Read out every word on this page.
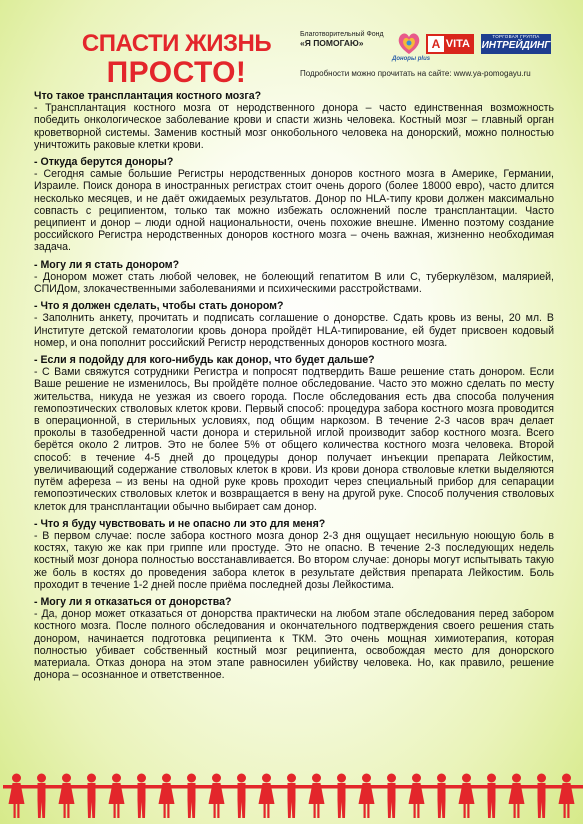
СПАСТИ ЖИЗНЬ
ПРОСТО!
Благотворительный Фонд
«Я ПОМОГАЮ»
Доноры plus
А VITA
ТОРГОВАЯ ГРУППА
ИНТРЕЙДИНГ
Подробности можно прочитать на сайте: www.ya-pomogayu.ru

Что такое трансплантация костного мозга?

- Трансплантация костного мозга от неродственного донора – часто единственная возможность победить онкологическое заболевание крови и спасти жизнь человека. Костный мозг – главный орган кроветворной системы. Заменив костный мозг онкобольного человека на донорский, можно полностью уничтожить раковые клетки крови.

- Откуда берутся доноры?

- Сегодня самые большие Регистры неродственных доноров костного мозга в Америке, Германии, Израиле. Поиск донора в иностранных регистрах стоит очень дорого (более 18000 евро), часто длится несколько месяцев, и не даёт ожидаемых результатов. Донор по HLA-типу крови должен максимально совпасть с реципиентом, только так можно избежать осложнений после трансплантации. Часто реципиент и донор – люди одной национальности, очень похожие внешне. Именно поэтому создание российского Регистра неродственных доноров костного мозга – очень важная, жизненно необходимая задача.

- Могу ли я стать донором?

- Донором может стать любой человек, не болеющий гепатитом В или С, туберкулёзом, малярией, СПИДом, злокачественными заболеваниями и психическими расстройствами.

- Что я должен сделать, чтобы стать донором?

- Заполнить анкету, прочитать и подписать соглашение о донорстве. Сдать кровь из вены, 20 мл. В Институте детской гематологии кровь донора пройдёт HLA-типирование, ей будет присвоен кодовый номер, и она пополнит российский Регистр неродственных доноров костного мозга.

- Если я подойду для кого-нибудь как донор, что будет дальше?

- С Вами свяжутся сотрудники Регистра и попросят подтвердить Ваше решение стать донором. Если Ваше решение не изменилось, Вы пройдёте полное обследование. Часто это можно сделать по месту жительства, никуда не уезжая из своего города. После обследования есть два способа получения гемопоэтических стволовых клеток крови. Первый способ: процедура забора костного мозга проводится в операционной, в стерильных условиях, под общим наркозом. В течение 2-3 часов врач делает проколы в тазобедренной части донора и стерильной иглой производит забор костного мозга. Всего берётся около 2 литров. Это не более 5% от общего количества костного мозга человека. Второй способ: в течение 4-5 дней до процедуры донор получает инъекции препарата Лейкостим, увеличивающий содержание стволовых клеток в крови. Из крови донора стволовые клетки выделяются путём афереза – из вены на одной руке кровь проходит через специальный прибор для сепарации гемопоэтических стволовых клеток и возвращается в вену на другой руке. Способ получения стволовых клеток для трансплантации обычно выбирает сам донор.

- Что я буду чувствовать и не опасно ли это для меня?

- В первом случае: после забора костного мозга донор 2-3 дня ощущает несильную ноющую боль в костях, такую же как при гриппе или простуде. Это не опасно. В течение 2-3 последующих недель костный мозг донора полностью восстанавливается. Во втором случае: доноры могут испытывать такую же боль в костях до проведения забора клеток в результате действия препарата Лейкостим. Боль проходит в течение 1-2 дней после приёма последней дозы Лейкостима.

- Могу ли я отказаться от донорства?

- Да, донор может отказаться от донорства практически на любом этапе обследования перед забором костного мозга. После полного обследования и окончательного подтверждения своего решения стать донором, начинается подготовка реципиента к ТКМ. Это очень мощная химиотерапия, которая полностью убивает собственный костный мозг реципиента, освобождая место для донорского материала. Отказ донора на этом этапе равносилен убийству человека. Но, как правило, решение донора – осознанное и ответственное.
